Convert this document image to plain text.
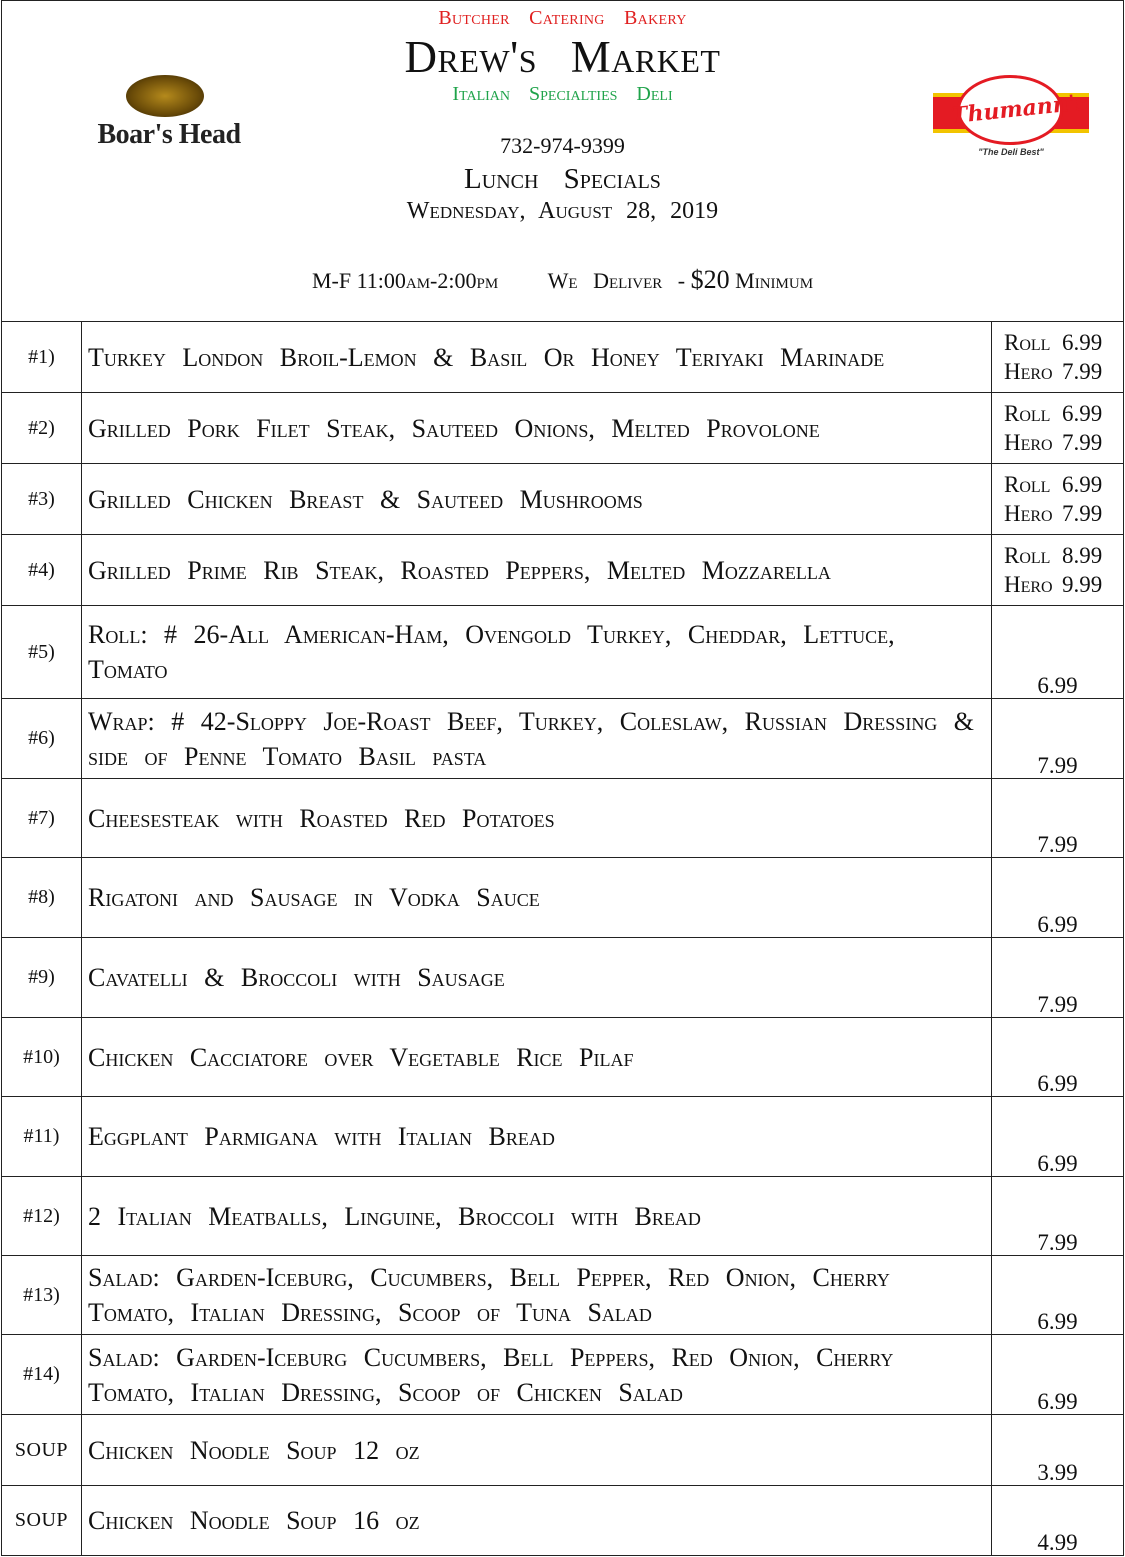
Butcher Catering Bakery
Drew's Market
Italian Specialties Deli
732-974-9399
Lunch Specials
Wednesday, August 28, 2019
M-F 11:00am-2:00pm We Deliver - $20 Minimum
Boar's Head
Thumann's
"The Deli Best"
#1)	Turkey London Broil-Lemon & Basil Or Honey Teriyaki Marinade	Roll 6.99
Hero 7.99

#2)	Grilled Pork Filet Steak, Sauteed Onions, Melted Provolone	Roll 6.99
Hero 7.99

#3)	Grilled Chicken Breast & Sauteed Mushrooms	Roll 6.99
Hero 7.99

#4)	Grilled Prime Rib Steak, Roasted Peppers, Melted Mozzarella	Roll 8.99
Hero 9.99

#5)	Roll: # 26-All American-Ham, Ovengold Turkey, Cheddar, Lettuce, Tomato	6.99
#6)	Wrap: # 42-Sloppy Joe-Roast Beef, Turkey, Coleslaw, Russian Dressing & side of Penne Tomato Basil pasta	7.99
#7)	Cheesesteak with Roasted Red Potatoes	7.99
#8)	Rigatoni and Sausage in Vodka Sauce	6.99
#9)	Cavatelli & Broccoli with Sausage	7.99
#10)	Chicken Cacciatore over Vegetable Rice Pilaf	6.99
#11)	Eggplant Parmigana with Italian Bread	6.99
#12)	2 Italian Meatballs, Linguine, Broccoli with Bread	7.99
#13)	Salad: Garden-Iceburg, Cucumbers, Bell Pepper, Red Onion, Cherry Tomato, Italian Dressing, Scoop of Tuna Salad	6.99
#14)	Salad: Garden-Iceburg Cucumbers, Bell Peppers, Red Onion, Cherry Tomato, Italian Dressing, Scoop of Chicken Salad	6.99
SOUP	Chicken Noodle Soup 12 oz	3.99
SOUP	Chicken Noodle Soup 16 oz	4.99
